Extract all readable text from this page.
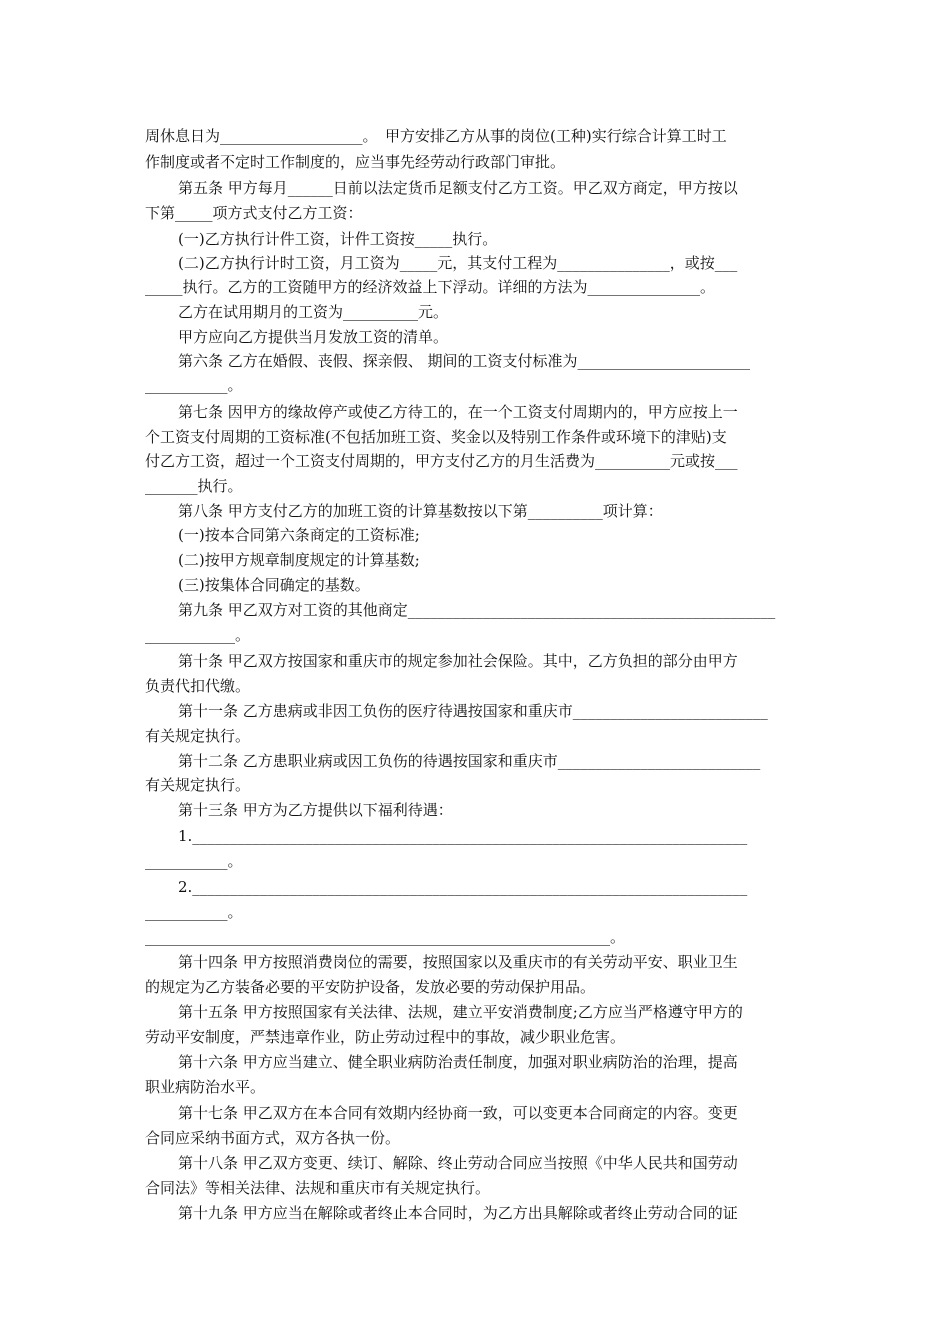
周休息日为___________________。　甲方安排乙方从事的岗位(工种)实行综合计算工时工
作制度或者不定时工作制度的，应当事先经劳动行政部门审批。
第五条 甲方每月______日前以法定货币足额支付乙方工资。甲乙双方商定，甲方按以
下第_____项方式支付乙方工资：
(一)乙方执行计件工资，计件工资按_____执行。
(二)乙方执行计时工资，月工资为_____元，其支付工程为_______________，或按___
_____执行。乙方的工资随甲方的经济效益上下浮动。详细的方法为_______________。
乙方在试用期月的工资为__________元。
甲方应向乙方提供当月发放工资的清单。
第六条 乙方在婚假、丧假、探亲假、 期间的工资支付标准为_______________________
___________。
第七条 因甲方的缘故停产或使乙方待工的，在一个工资支付周期内的，甲方应按上一
个工资支付周期的工资标准(不包括加班工资、奖金以及特别工作条件或环境下的津贴)支
付乙方工资，超过一个工资支付周期的，甲方支付乙方的月生活费为__________元或按___
_______执行。
第八条 甲方支付乙方的加班工资的计算基数按以下第__________项计算：
(一)按本合同第六条商定的工资标准;
(二)按甲方规章制度规定的计算基数;
(三)按集体合同确定的基数。
第九条 甲乙双方对工资的其他商定_________________________________________________
____________。
第十条 甲乙双方按国家和重庆市的规定参加社会保险。其中，乙方负担的部分由甲方
负责代扣代缴。
第十一条 乙方患病或非因工负伤的医疗待遇按国家和重庆市__________________________
有关规定执行。
第十二条 乙方患职业病或因工负伤的待遇按国家和重庆市___________________________
有关规定执行。
第十三条 甲方为乙方提供以下福利待遇：
1.__________________________________________________________________________
___________。
2.__________________________________________________________________________
___________。
______________________________________________________________。
第十四条 甲方按照消费岗位的需要，按照国家以及重庆市的有关劳动平安、职业卫生
的规定为乙方装备必要的平安防护设备，发放必要的劳动保护用品。
第十五条 甲方按照国家有关法律、法规，建立平安消费制度;乙方应当严格遵守甲方的
劳动平安制度，严禁违章作业，防止劳动过程中的事故，减少职业危害。
第十六条 甲方应当建立、健全职业病防治责任制度，加强对职业病防治的治理，提高
职业病防治水平。
第十七条 甲乙双方在本合同有效期内经协商一致，可以变更本合同商定的内容。变更
合同应采纳书面方式，双方各执一份。
第十八条 甲乙双方变更、续订、解除、终止劳动合同应当按照《中华人民共和国劳动
合同法》等相关法律、法规和重庆市有关规定执行。
第十九条 甲方应当在解除或者终止本合同时，为乙方出具解除或者终止劳动合同的证
